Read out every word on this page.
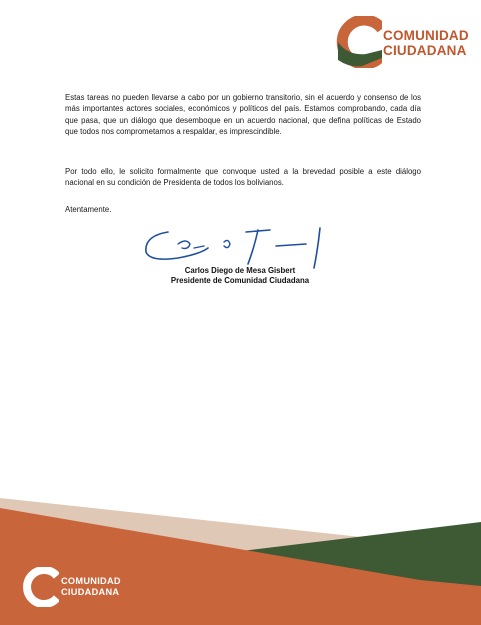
COMUNIDAD
CIUDADANA

Estas tareas no pueden llevarse a cabo por un gobierno transitorio, sin el acuerdo y consenso de los más importantes actores sociales, económicos y políticos del país. Estamos comprobando, cada día que pasa, que un diálogo que desemboque en un acuerdo nacional, que defina políticas de Estado que todos nos comprometamos a respaldar, es imprescindible.

Por todo ello, le solicito formalmente que convoque usted a la brevedad posible a este diálogo nacional en su condición de Presidenta de todos los bolivianos.

Atentamente.

Carlos Diego de Mesa Gisbert

Presidente de Comunidad Ciudadana

COMUNIDAD
CIUDADANA
